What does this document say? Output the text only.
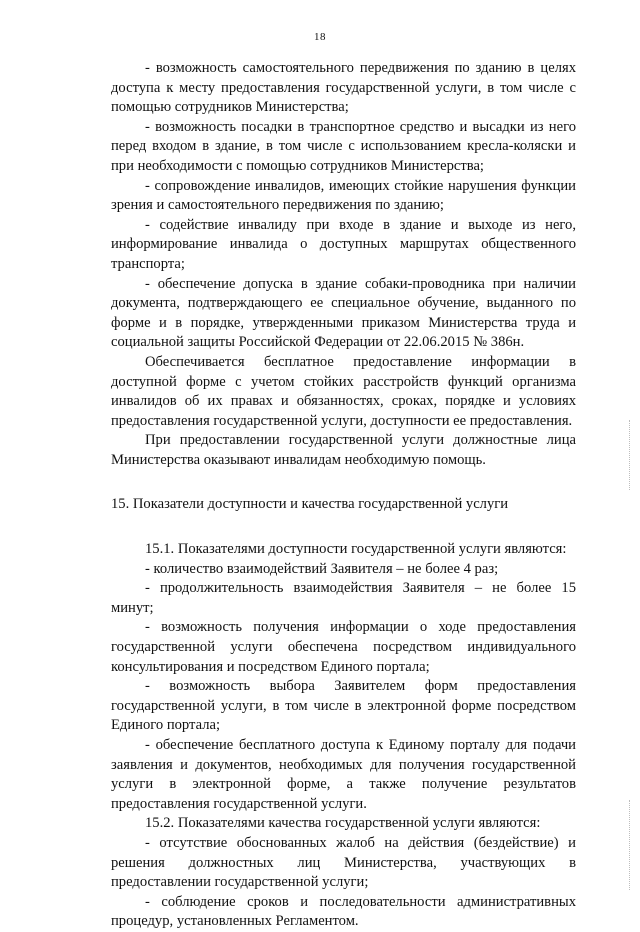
18

- возможность самостоятельного передвижения по зданию в целях доступа к месту предоставления государственной услуги, в том числе с помощью сотрудников Министерства;

- возможность посадки в транспортное средство и высадки из него перед входом в здание, в том числе с использованием кресла-коляски и при необходимости с помощью сотрудников Министерства;

- сопровождение инвалидов, имеющих стойкие нарушения функции зрения и самостоятельного передвижения по зданию;

- содействие инвалиду при входе в здание и выходе из него, информирование инвалида о доступных маршрутах общественного транспорта;

- обеспечение допуска в здание собаки-проводника при наличии документа, подтверждающего ее специальное обучение, выданного по форме и в порядке, утвержденными приказом Министерства труда и социальной защиты Российской Федерации от 22.06.2015 № 386н.

Обеспечивается бесплатное предоставление информации в доступной форме с учетом стойких расстройств функций организма инвалидов об их правах и обязанностях, сроках, порядке и условиях предоставления государственной услуги, доступности ее предоставления.

При предоставлении государственной услуги должностные лица Министерства оказывают инвалидам необходимую помощь.

15. Показатели доступности и качества государственной услуги

15.1. Показателями доступности государственной услуги являются:

- количество взаимодействий Заявителя – не более 4 раз;

- продолжительность взаимодействия Заявителя – не более 15 минут;

- возможность получения информации о ходе предоставления государственной услуги обеспечена посредством индивидуального консультирования и посредством Единого портала;

- возможность выбора Заявителем форм предоставления государственной услуги, в том числе в электронной форме посредством Единого портала;

- обеспечение бесплатного доступа к Единому порталу для подачи заявления и документов, необходимых для получения государственной услуги в электронной форме, а также получение результатов предоставления государственной услуги.

15.2. Показателями качества государственной услуги являются:

- отсутствие обоснованных жалоб на действия (бездействие) и решения должностных лиц Министерства, участвующих в предоставлении государственной услуги;

- соблюдение сроков и последовательности административных процедур, установленных Регламентом.
